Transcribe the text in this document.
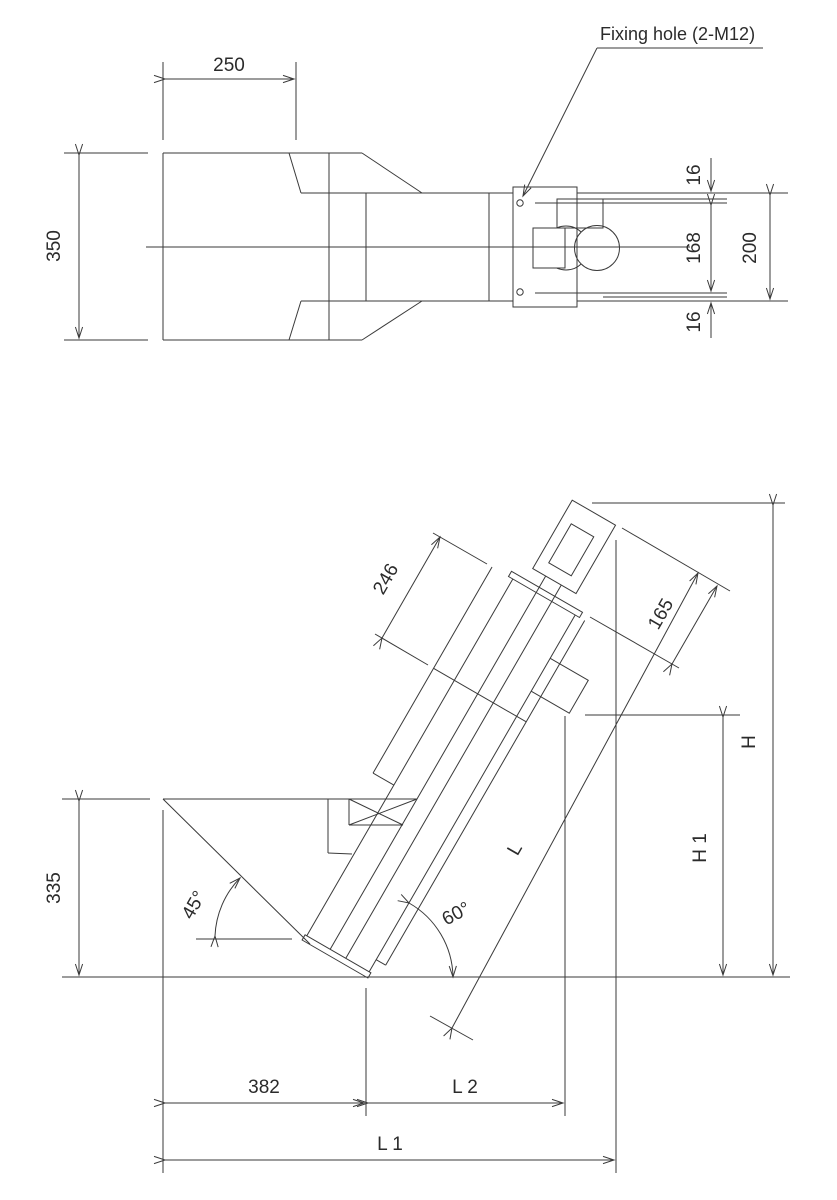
250
350
Fixing hole (2-M12)
16
168
16
200
335
246
165
L
H
H 1
45°	60°
382	L 2
L 1
